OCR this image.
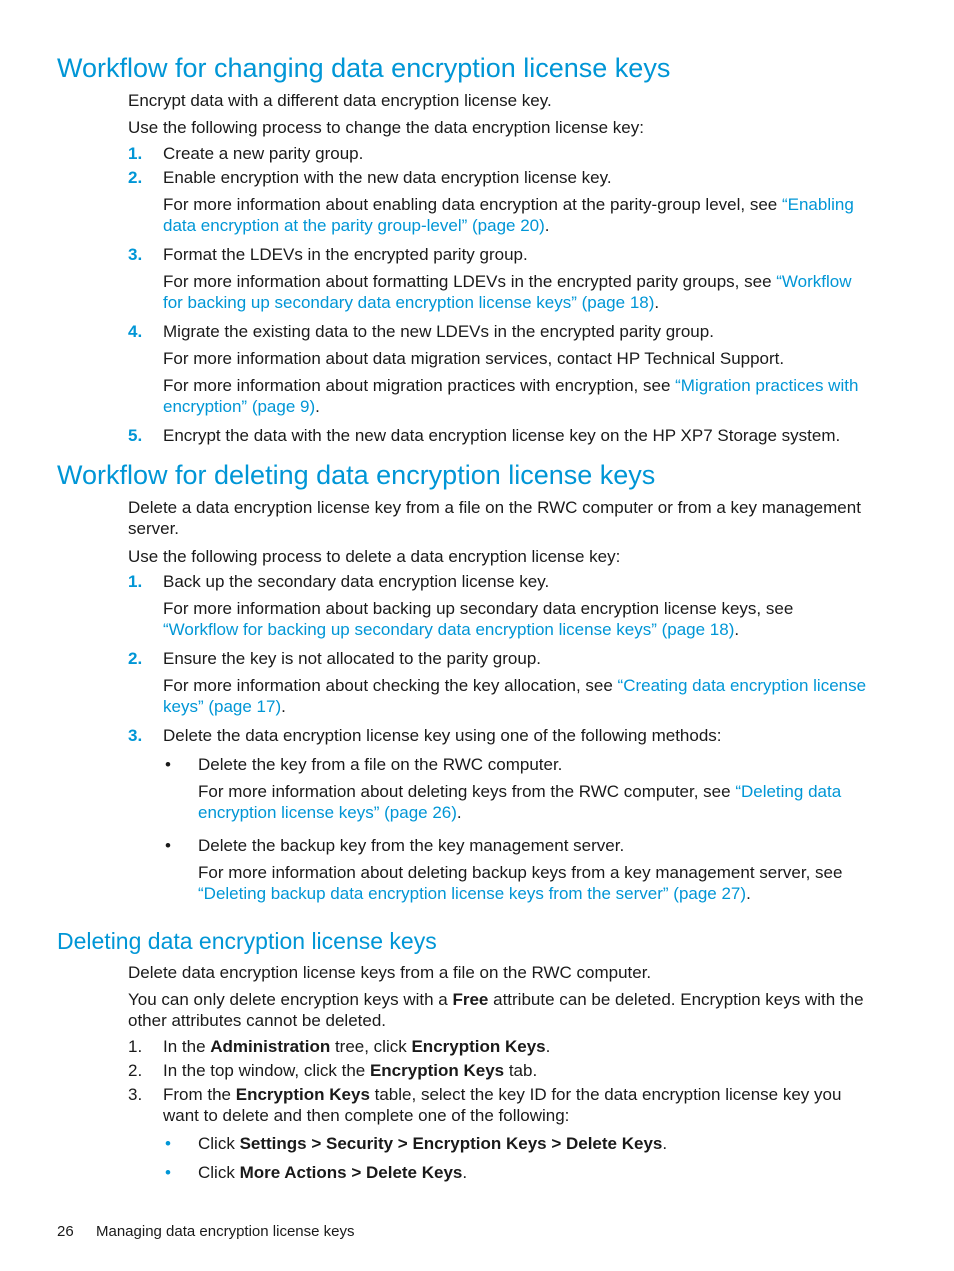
Workflow for changing data encryption license keys

Encrypt data with a different data encryption license key.

Use the following process to change the data encryption license key:

1.	Create a new parity group.

2.	Enable encryption with the new data encryption license key.

For more information about enabling data encryption at the parity-group level, see “Enabling data encryption at the parity group-level” (page 20).

3.	Format the LDEVs in the encrypted parity group.

For more information about formatting LDEVs in the encrypted parity groups, see “Workflow for backing up secondary data encryption license keys” (page 18).

4.	Migrate the existing data to the new LDEVs in the encrypted parity group.

For more information about data migration services, contact HP Technical Support.

For more information about migration practices with encryption, see “Migration practices with encryption” (page 9).

5.	Encrypt the data with the new data encryption license key on the HP XP7 Storage system.

Workflow for deleting data encryption license keys

Delete a data encryption license key from a file on the RWC computer or from a key management server.

Use the following process to delete a data encryption license key:

1.	Back up the secondary data encryption license key.

For more information about backing up secondary data encryption license keys, see “Workflow for backing up secondary data encryption license keys” (page 18).

2.	Ensure the key is not allocated to the parity group.

For more information about checking the key allocation, see “Creating data encryption license keys” (page 17).

3.	Delete the data encryption license key using one of the following methods:

• Delete the key from a file on the RWC computer.

For more information about deleting keys from the RWC computer, see “Deleting data encryption license keys” (page 26).

• Delete the backup key from the key management server.

For more information about deleting backup keys from a key management server, see “Deleting backup data encryption license keys from the server” (page 27).

Deleting data encryption license keys

Delete data encryption license keys from a file on the RWC computer.

You can only delete encryption keys with a Free attribute can be deleted. Encryption keys with the other attributes cannot be deleted.

1.	In the Administration tree, click Encryption Keys.

2.	In the top window, click the Encryption Keys tab.

3.	From the Encryption Keys table, select the key ID for the data encryption license key you want to delete and then complete one of the following:

• Click Settings > Security > Encryption Keys > Delete Keys.

• Click More Actions > Delete Keys.

26 Managing data encryption license keys
